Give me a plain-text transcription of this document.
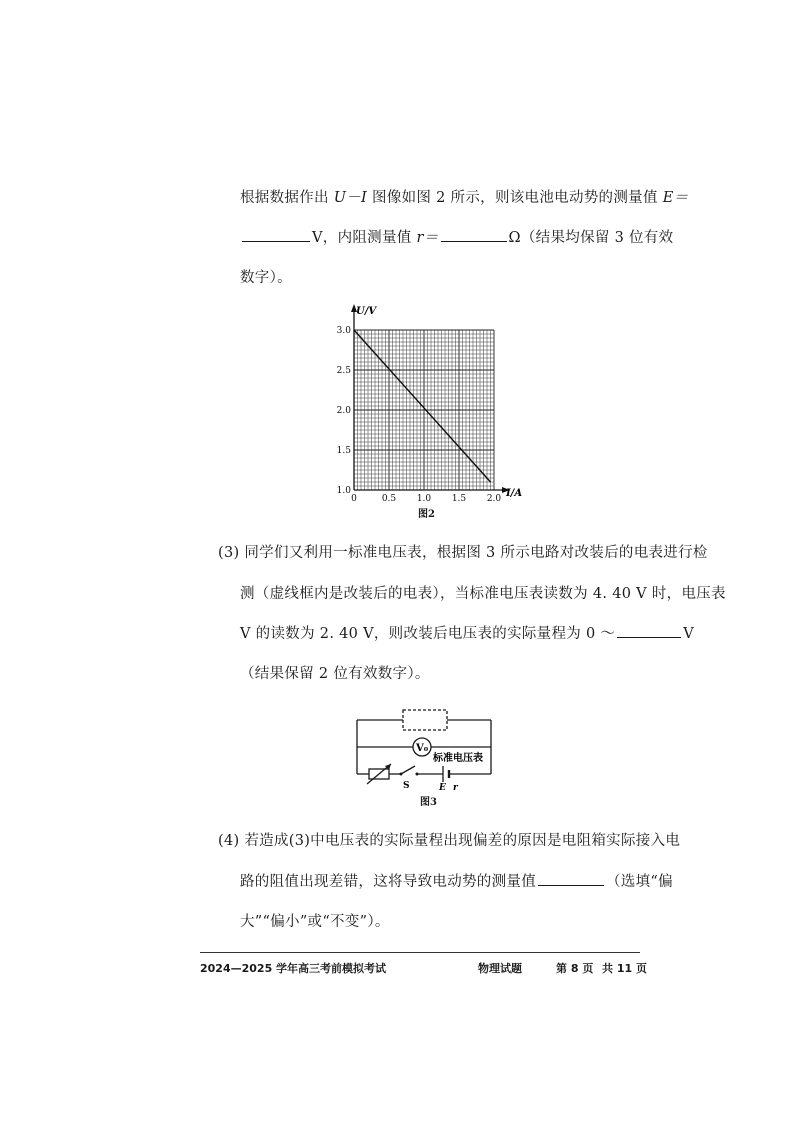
根据数据作出 U－I 图像如图 2 所示，则该电池电动势的测量值 E＝
V，内阻测量值 r＝	Ω（结果均保留 3 位有效
数字）。
0	0.5 1.0 1.5 2.0
1.0
1.5
2.0
2.5
3.0
U/V
I/A
图2
(3) 同学们又利用一标准电压表，根据图 3 所示电路对改装后的电表进行检
测（虚线框内是改装后的电表），当标准电压表读数为 4. 40 V 时，电压表
V 的读数为 2. 40 V，则改装后电压表的实际量程为 0 ～	V
（结果保留 2 位有效数字）。
V₀
标准电压表
S	E r
图3
(4) 若造成(3)中电压表的实际量程出现偏差的原因是电阻箱实际接入电
路的阻值出现差错，这将导致电动势的测量值	（选填“偏
大”“偏小”或“不变”）。
2024—2025 学年高三考前模拟考试	物理试题	第 8 页 共 11 页
